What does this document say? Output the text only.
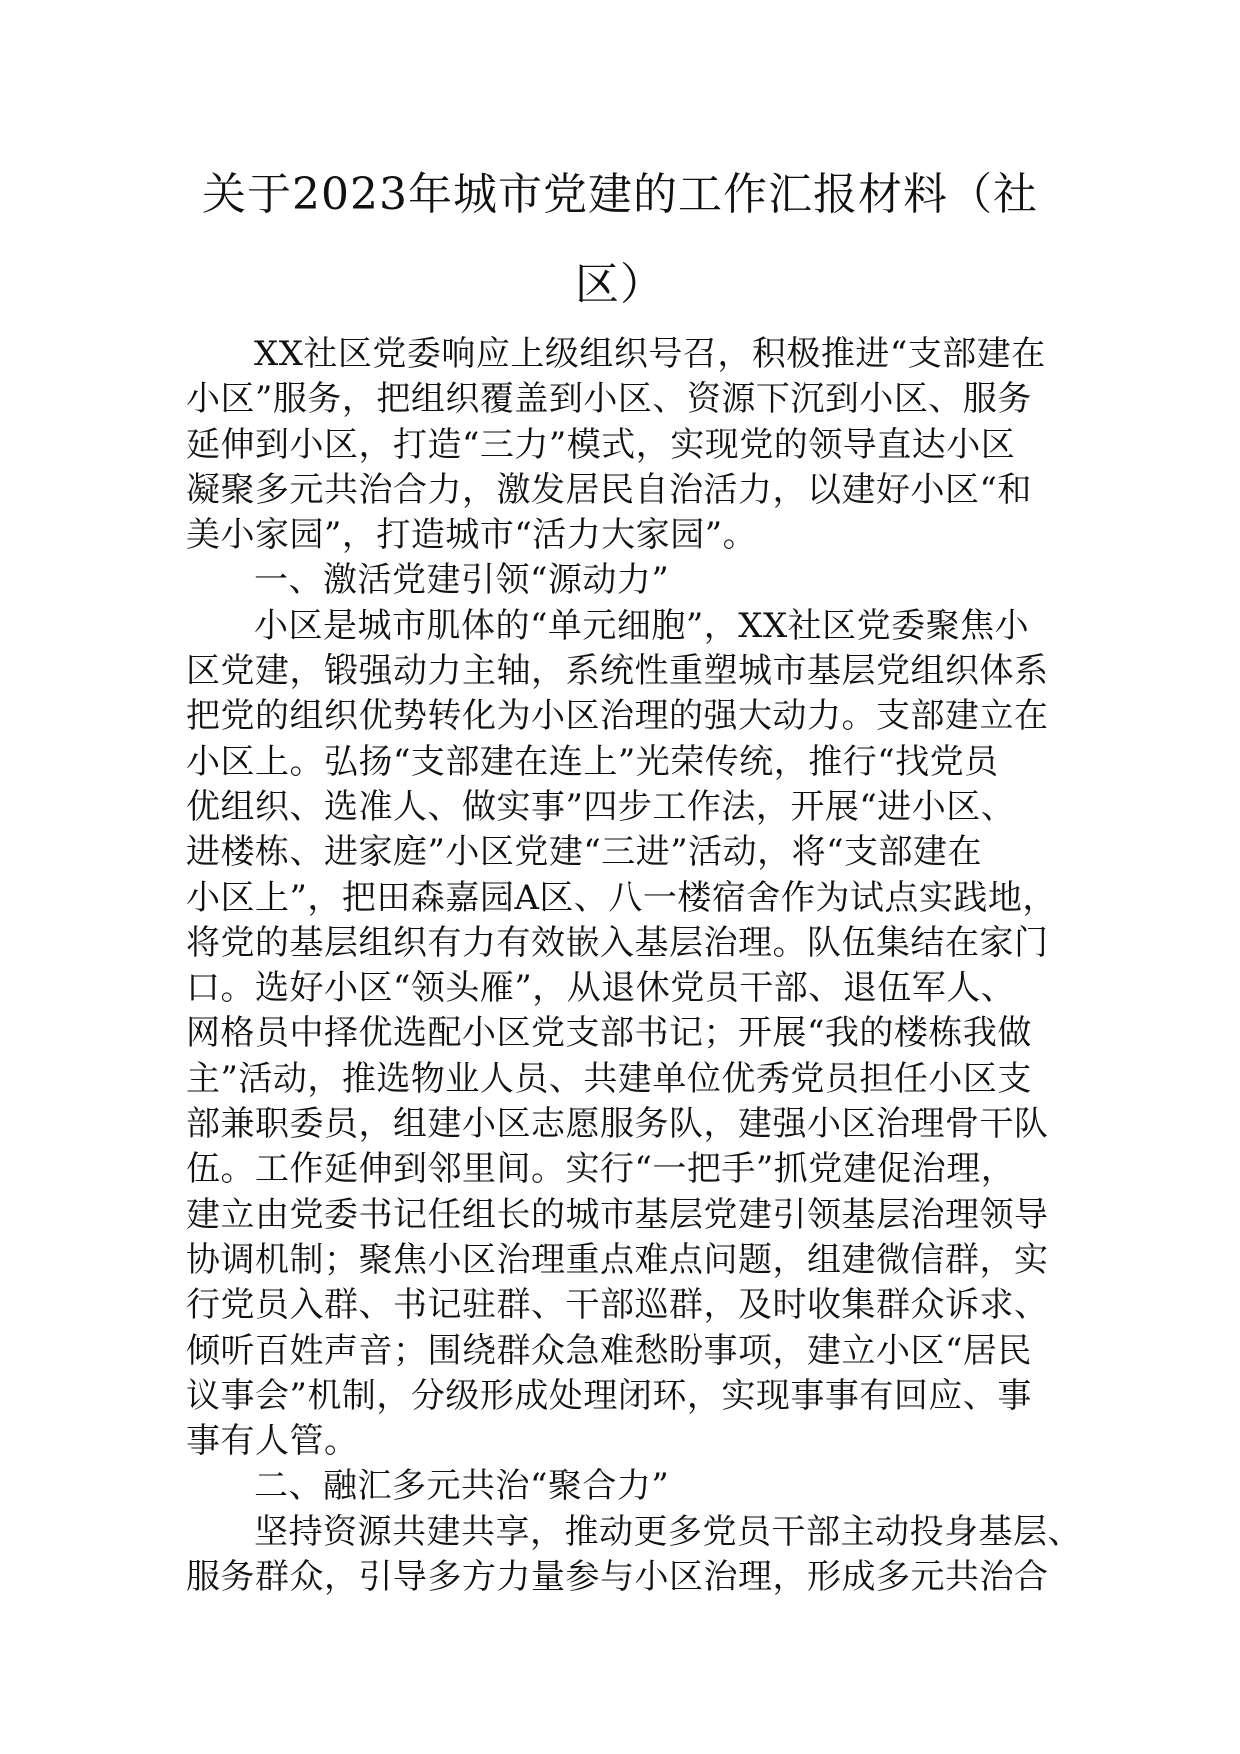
关于2023年城市党建的工作汇报材料（社
区）
XX社区党委响应上级组织号召，积极推进“支部建在
小区”服务，把组织覆盖到小区、资源下沉到小区、服务
延伸到小区，打造“三力”模式，实现党的领导直达小区
凝聚多元共治合力，激发居民自治活力，以建好小区“和
美小家园”，打造城市“活力大家园”。
一、激活党建引领“源动力”
小区是城市肌体的“单元细胞”，XX社区党委聚焦小
区党建，锻强动力主轴，系统性重塑城市基层党组织体系
把党的组织优势转化为小区治理的强大动力。支部建立在
小区上。弘扬“支部建在连上”光荣传统，推行“找党员
优组织、选准人、做实事”四步工作法，开展“进小区、
进楼栋、进家庭”小区党建“三进”活动，将“支部建在
小区上”，把田森嘉园A区、八一楼宿舍作为试点实践地，
将党的基层组织有力有效嵌入基层治理。队伍集结在家门
口。选好小区“领头雁”，从退休党员干部、退伍军人、
网格员中择优选配小区党支部书记；开展“我的楼栋我做
主”活动，推选物业人员、共建单位优秀党员担任小区支
部兼职委员，组建小区志愿服务队，建强小区治理骨干队
伍。工作延伸到邻里间。实行“一把手”抓党建促治理，
建立由党委书记任组长的城市基层党建引领基层治理领导
协调机制；聚焦小区治理重点难点问题，组建微信群，实
行党员入群、书记驻群、干部巡群，及时收集群众诉求、
倾听百姓声音；围绕群众急难愁盼事项，建立小区“居民
议事会”机制，分级形成处理闭环，实现事事有回应、事
事有人管。
二、融汇多元共治“聚合力”
坚持资源共建共享，推动更多党员干部主动投身基层、
服务群众，引导多方力量参与小区治理，形成多元共治合
